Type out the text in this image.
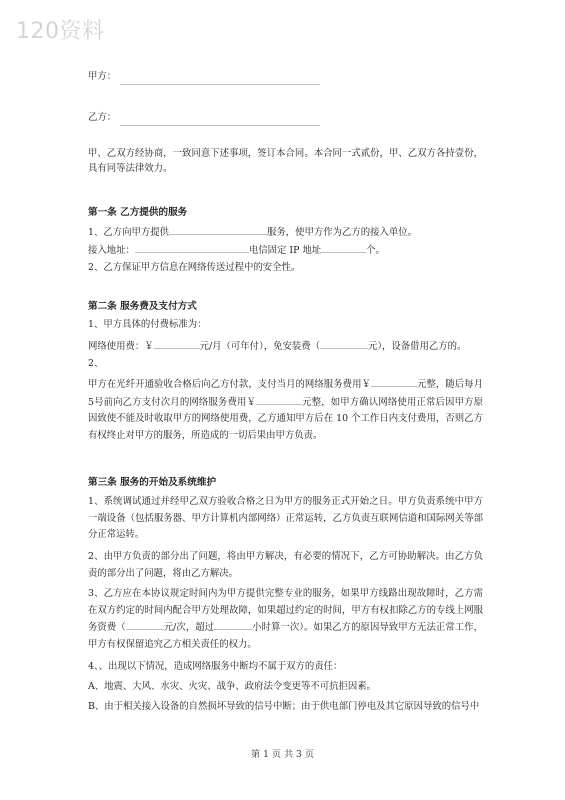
120资料
甲方：
乙方：

甲、乙双方经协商，一致同意下述事项，签订本合同。本合同一式贰份，甲、乙双方各持壹份，具有同等法律效力。

第一条 乙方提供的服务
1、乙方向甲方提供	服务，使甲方作为乙方的接入单位。
接入地址：	电信固定 IP 地址	个。
2、乙方保证甲方信息在网络传送过程中的安全性。
第二条 服务费及支付方式
1、甲方具体的付费标准为：
网络使用费：￥	元/月（可年付），免安装费（	元），设备借用乙方的。
2、

甲方在光纤开通验收合格后向乙方付款，支付当月的网络服务费用￥	元整，随后每月5号前向乙方支付次月的网络服务费用￥	元整，如甲方确认网络使用正常后因甲方原因致使不能及时收取甲方的网络使用费，乙方通知甲方后在 10 个工作日内支付费用，否则乙方有权终止对甲方的服务，所造成的一切后果由甲方负责。

第三条 服务的开始及系统维护

1、系统调试通过并经甲乙双方验收合格之日为甲方的服务正式开始之日。甲方负责系统中甲方一端设备（包括服务器、甲方计算机内部网络）正常运转，乙方负责互联网信道和国际网关等部分正常运转。

2、由甲方负责的部分出了问题，将由甲方解决，有必要的情况下，乙方可协助解决。由乙方负责的部分出了问题，将由乙方解决。

3、乙方应在本协议规定时间内为甲方提供完整专业的服务，如果甲方线路出现故障时，乙方需在双方约定的时间内配合甲方处理故障，如果超过约定的时间，甲方有权扣除乙方的专线上网服务资费（	元/次，超过	小时算一次）。如果乙方的原因导致甲方无法正常工作，甲方有权保留追究乙方相关责任的权力。

4、、出现以下情况，造成网络服务中断均不属于双方的责任：
A、地震、大风、水灾、火灾、战争、政府法令变更等不可抗拒因素。
B、由于相关接入设备的自然损坏导致的信号中断；由于供电部门停电及其它原因导致的信号中
第 1 页 共 3 页
